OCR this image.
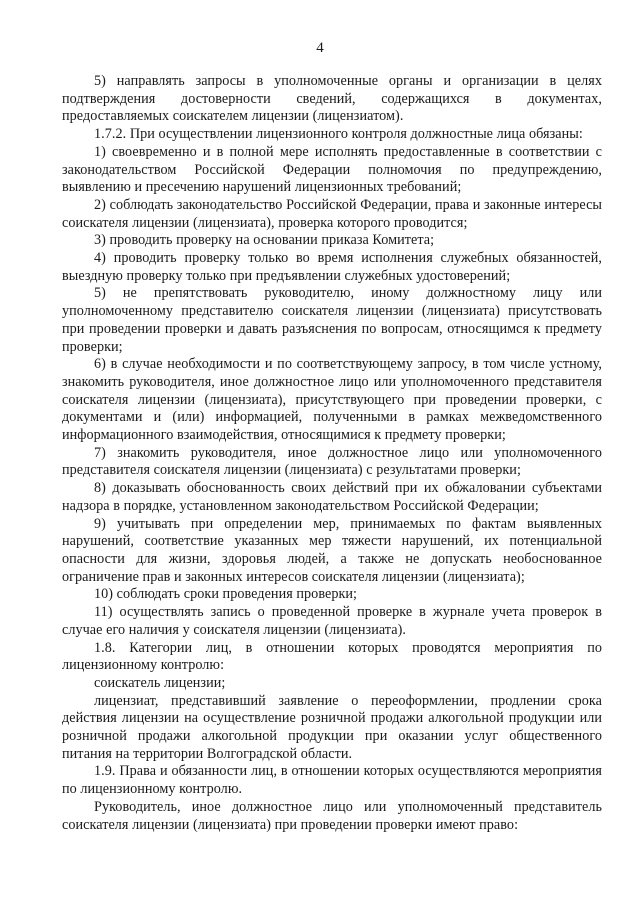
4

5) направлять запросы в уполномоченные органы и организации в целях подтверждения достоверности сведений, содержащихся в документах, предоставляемых соискателем лицензии (лицензиатом).

1.7.2. При осуществлении лицензионного контроля должностные лица обязаны:

1) своевременно и в полной мере исполнять предоставленные в соответствии с законодательством Российской Федерации полномочия по предупреждению, выявлению и пресечению нарушений лицензионных требований;

2) соблюдать законодательство Российской Федерации, права и законные интересы соискателя лицензии (лицензиата), проверка которого проводится;

3) проводить проверку на основании приказа Комитета;

4) проводить проверку только во время исполнения служебных обязанностей, выездную проверку только при предъявлении служебных удостоверений;

5) не препятствовать руководителю, иному должностному лицу или уполномоченному представителю соискателя лицензии (лицензиата) присутствовать при проведении проверки и давать разъяснения по вопросам, относящимся к предмету проверки;

6) в случае необходимости и по соответствующему запросу, в том числе устному, знакомить руководителя, иное должностное лицо или уполномоченного представителя соискателя лицензии (лицензиата), присутствующего при проведении проверки, с документами и (или) информацией, полученными в рамках межведомственного информационного взаимодействия, относящимися к предмету проверки;

7) знакомить руководителя, иное должностное лицо или уполномоченного представителя соискателя лицензии (лицензиата) с результатами проверки;

8) доказывать обоснованность своих действий при их обжаловании субъектами надзора в порядке, установленном законодательством Российской Федерации;

9) учитывать при определении мер, принимаемых по фактам выявленных нарушений, соответствие указанных мер тяжести нарушений, их потенциальной опасности для жизни, здоровья людей, а также не допускать необоснованное ограничение прав и законных интересов соискателя лицензии (лицензиата);

10) соблюдать сроки проведения проверки;

11) осуществлять запись о проведенной проверке в журнале учета проверок в случае его наличия у соискателя лицензии (лицензиата).

1.8. Категории лиц, в отношении которых проводятся мероприятия по лицензионному контролю:

соискатель лицензии;

лицензиат, представивший заявление о переоформлении, продлении срока действия лицензии на осуществление розничной продажи алкогольной продукции или розничной продажи алкогольной продукции при оказании услуг общественного питания на территории Волгоградской области.

1.9. Права и обязанности лиц, в отношении которых осуществляются мероприятия по лицензионному контролю.

Руководитель, иное должностное лицо или уполномоченный представитель соискателя лицензии (лицензиата) при проведении проверки имеют право:
